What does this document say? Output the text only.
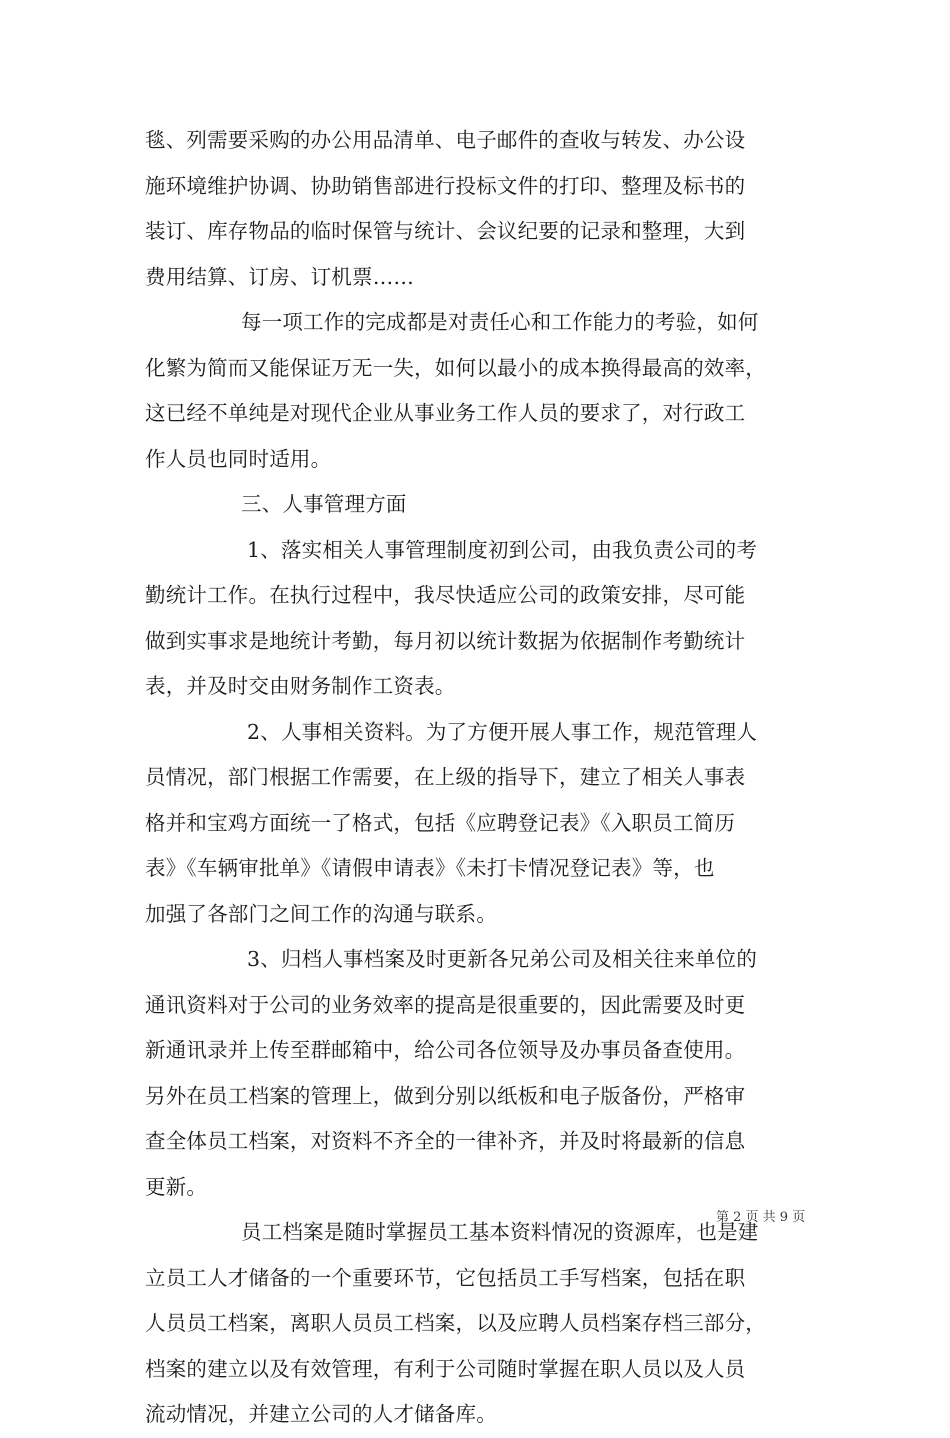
毯、列需要采购的办公用品清单、电子邮件的查收与转发、办公设
施环境维护协调、协助销售部进行投标文件的打印、整理及标书的
装订、库存物品的临时保管与统计、会议纪要的记录和整理，大到
费用结算、订房、订机票……
每一项工作的完成都是对责任心和工作能力的考验，如何
化繁为简而又能保证万无一失，如何以最小的成本换得最高的效率，
这已经不单纯是对现代企业从事业务工作人员的要求了，对行政工
作人员也同时适用。
三、人事管理方面
1、落实相关人事管理制度初到公司，由我负责公司的考
勤统计工作。在执行过程中，我尽快适应公司的政策安排，尽可能
做到实事求是地统计考勤，每月初以统计数据为依据制作考勤统计
表，并及时交由财务制作工资表。
2、人事相关资料。为了方便开展人事工作，规范管理人
员情况，部门根据工作需要，在上级的指导下，建立了相关人事表
格并和宝鸡方面统一了格式，包括《应聘登记表》《入职员工简历
表》《车辆审批单》《请假申请表》《未打卡情况登记表》等，也
加强了各部门之间工作的沟通与联系。
3、归档人事档案及时更新各兄弟公司及相关往来单位的
通讯资料对于公司的业务效率的提高是很重要的，因此需要及时更
新通讯录并上传至群邮箱中，给公司各位领导及办事员备查使用。
另外在员工档案的管理上，做到分别以纸板和电子版备份，严格审
查全体员工档案，对资料不齐全的一律补齐，并及时将最新的信息
更新。
员工档案是随时掌握员工基本资料情况的资源库，也是建
立员工人才储备的一个重要环节，它包括员工手写档案，包括在职
人员员工档案，离职人员员工档案，以及应聘人员档案存档三部分，
档案的建立以及有效管理，有利于公司随时掌握在职人员以及人员
流动情况，并建立公司的人才储备库。
第 2 页 共 9 页
